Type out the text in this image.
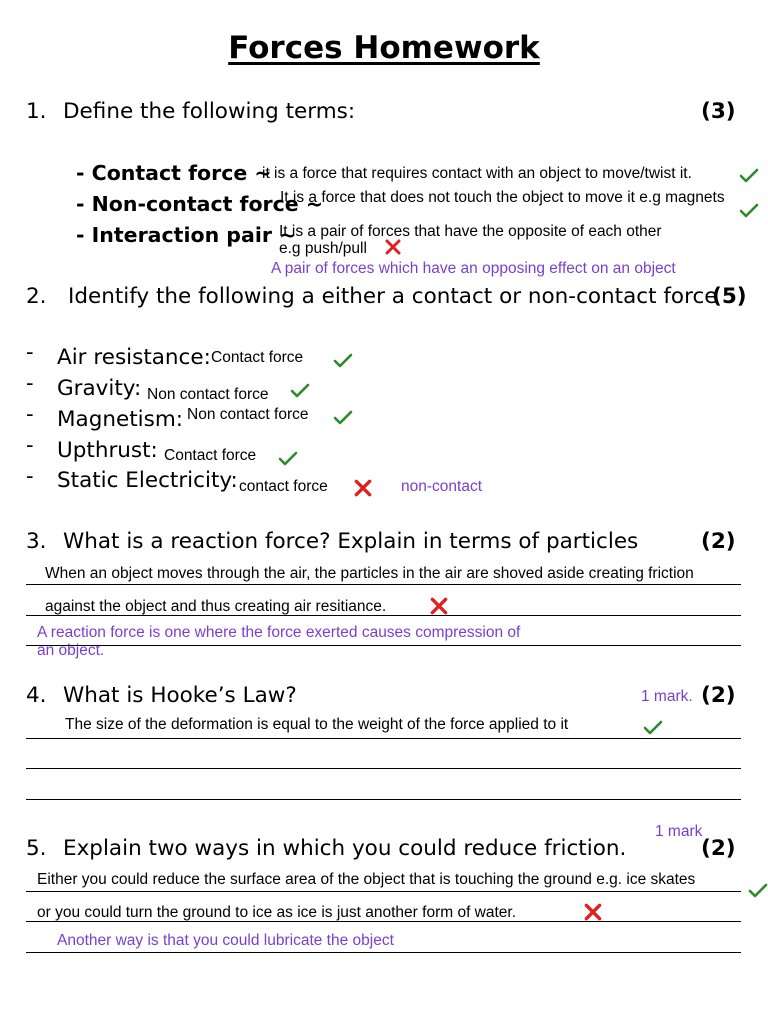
Forces Homework
1. Define the following terms:	(3)
- Contact force ~
it is a force that requires contact with an object to move/twist it.
- Non-contact force ~
It is a force that does not touch the object to move it e.g magnets
- Interaction pair ~
It is a pair of forces that have the opposite of each other
e.g push/pull
A pair of forces which have an opposing effect on an object
2. Identify the following a either a contact or non-contact force
(5)
- Air resistance: Contact force
- Gravity: Non contact force
- Magnetism: Non contact force
- Upthrust: Contact force
- Static Electricity: contact force	non-contact
3. What is a reaction force? Explain in terms of particles	(2)
When an object moves through the air, the particles in the air are shoved aside creating friction
against the object and thus creating air resitiance.
A reaction force is one where the force exerted causes compression of
an object.
4. What is Hooke’s Law?	1 mark. (2)
The size of the deformation is equal to the weight of the force applied to it
1 mark
5. Explain two ways in which you could reduce friction.	(2)
Either you could reduce the surface area of the object that is touching the ground e.g. ice skates
or you could turn the ground to ice as ice is just another form of water.
Another way is that you could lubricate the object
